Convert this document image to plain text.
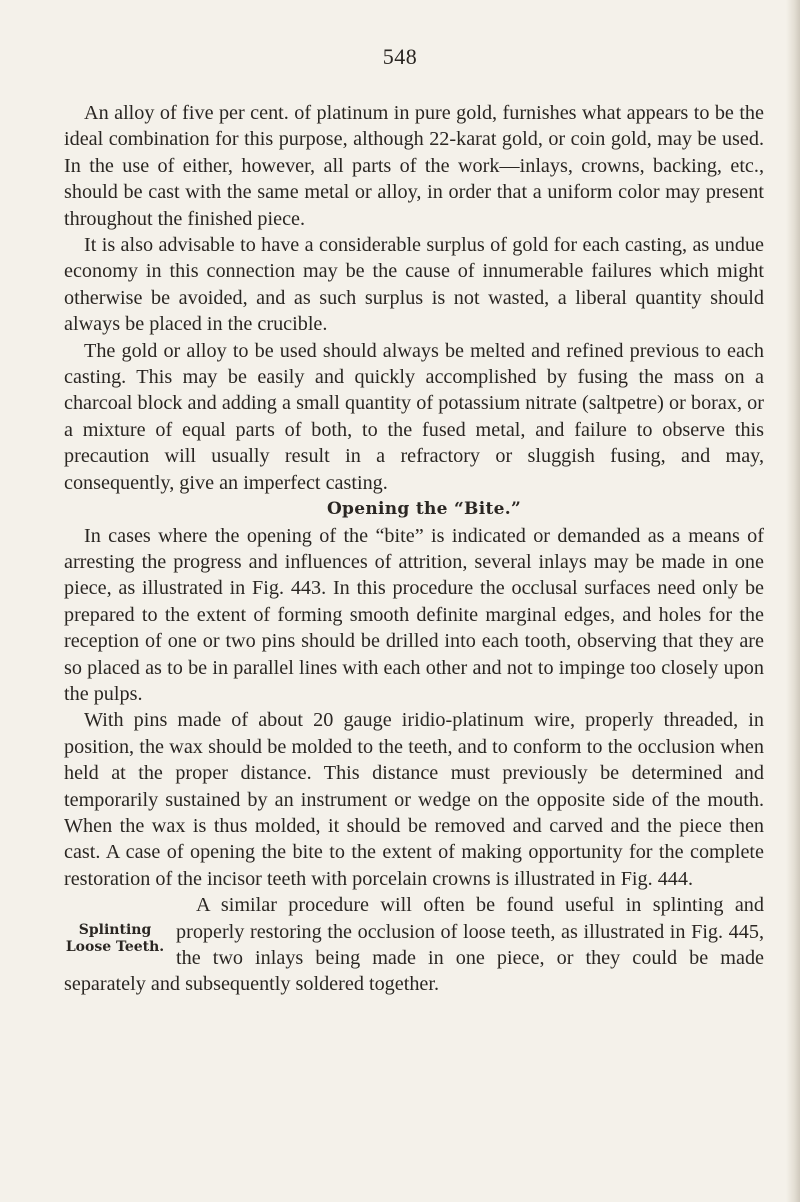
548

An alloy of five per cent. of platinum in pure gold, furnishes what appears to be the ideal combination for this purpose, although 22-karat gold, or coin gold, may be used. In the use of either, however, all parts of the work—inlays, crowns, backing, etc., should be cast with the same metal or alloy, in order that a uniform color may present throughout the finished piece.

It is also advisable to have a considerable surplus of gold for each casting, as undue economy in this connection may be the cause of innumerable failures which might otherwise be avoided, and as such surplus is not wasted, a liberal quantity should always be placed in the crucible.

The gold or alloy to be used should always be melted and refined previous to each casting. This may be easily and quickly accomplished by fusing the mass on a charcoal block and adding a small quantity of potassium nitrate (saltpetre) or borax, or a mixture of equal parts of both, to the fused metal, and failure to observe this precaution will usually result in a refractory or sluggish fusing, and may, consequently, give an imperfect casting.

Opening the “Bite.”

In cases where the opening of the “bite” is indicated or demanded as a means of arresting the progress and influences of attrition, several inlays may be made in one piece, as illustrated in Fig. 443. In this procedure the occlusal surfaces need only be prepared to the extent of forming smooth definite marginal edges, and holes for the reception of one or two pins should be drilled into each tooth, observing that they are so placed as to be in parallel lines with each other and not to impinge too closely upon the pulps.

With pins made of about 20 gauge iridio-platinum wire, properly threaded, in position, the wax should be molded to the teeth, and to conform to the occlusion when held at the proper distance. This distance must previously be determined and temporarily sustained by an instrument or wedge on the opposite side of the mouth. When the wax is thus molded, it should be removed and carved and the piece then cast. A case of opening the bite to the extent of making opportunity for the complete restoration of the incisor teeth with porcelain crowns is illustrated in Fig. 444.

Splinting Loose Teeth.

A similar procedure will often be found useful in splinting and properly restoring the occlusion of loose teeth, as illustrated in Fig. 445, the two inlays being made in one piece, or they could be made separately and subsequently soldered together.
